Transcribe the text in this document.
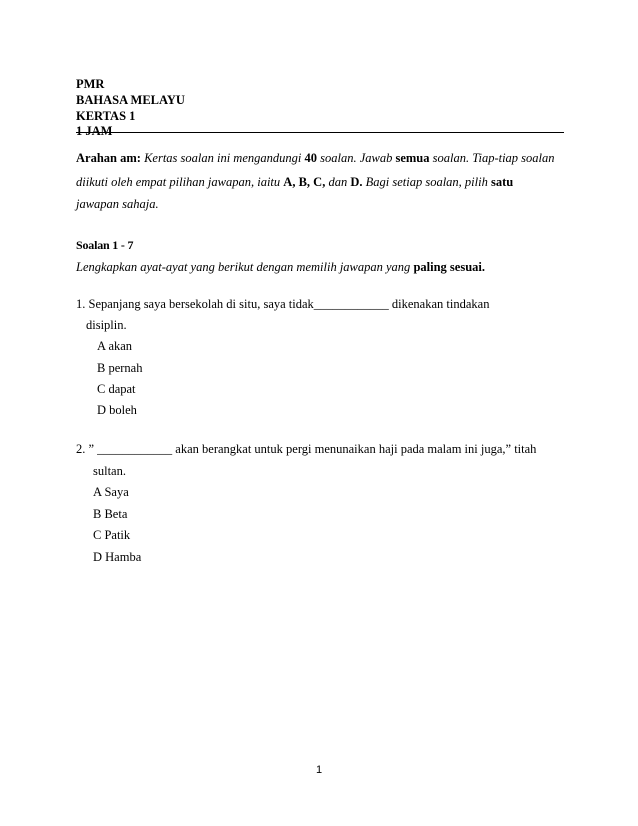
PMR
BAHASA MELAYU
KERTAS 1
1 JAM
Arahan am: Kertas soalan ini mengandungi 40 soalan. Jawab semua soalan. Tiap-tiap soalan
diikuti oleh empat pilihan jawapan, iaitu A, B, C, dan D. Bagi setiap soalan, pilih satu
jawapan sahaja.
Soalan 1 - 7
Lengkapkan ayat-ayat yang berikut dengan memilih jawapan yang paling sesuai.
1. Sepanjang saya bersekolah di situ, saya tidak____________ dikenakan tindakan
disiplin.
A akan
B pernah
C dapat
D boleh
2. ” ____________ akan berangkat untuk pergi menunaikan haji pada malam ini juga,” titah
sultan.
A Saya
B Beta
C Patik
D Hamba
1
